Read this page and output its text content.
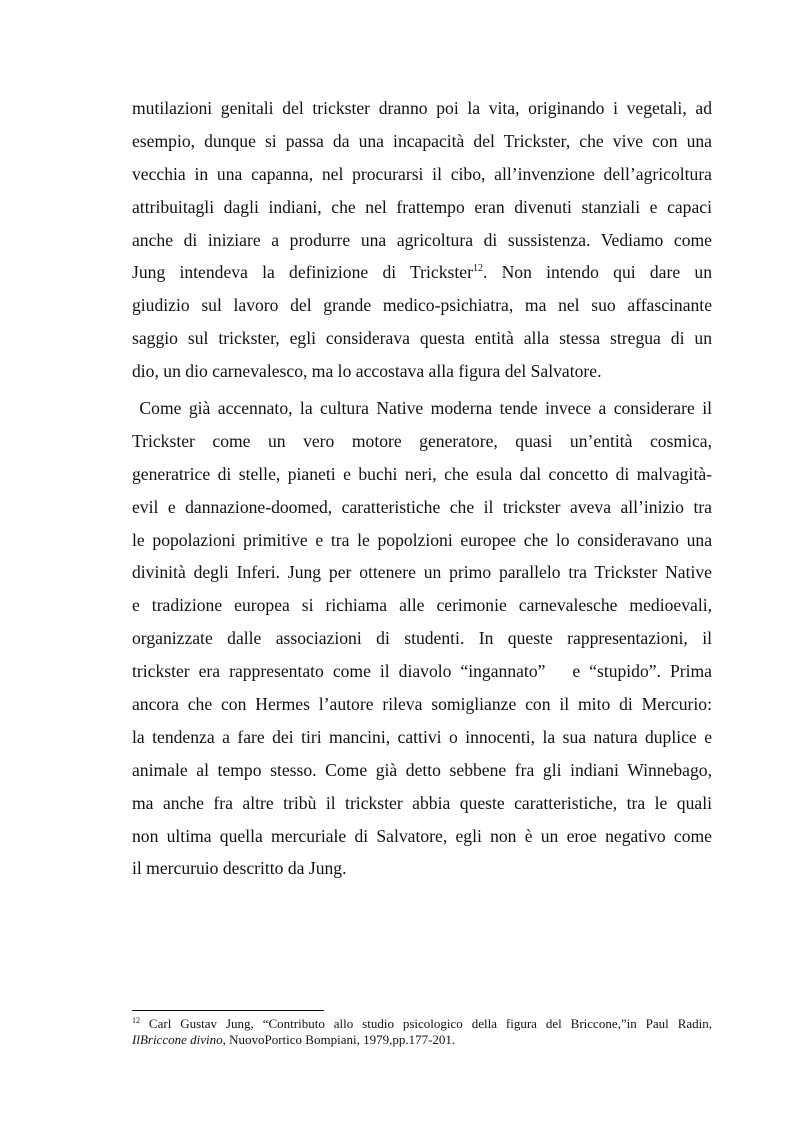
mutilazioni genitali del trickster dranno poi la vita, originando i vegetali, ad
esempio, dunque si passa da una incapacità del Trickster, che vive con una
vecchia in una capanna, nel procurarsi il cibo, all’invenzione dell’agricoltura
attribuitagli dagli indiani, che nel frattempo eran divenuti stanziali e capaci
anche di iniziare a produrre una agricoltura di sussistenza. Vediamo come
Jung intendeva la definizione di Trickster$^{12}$. Non intendo qui dare un
giudizio sul lavoro del grande medico-psichiatra, ma nel suo affascinante
saggio sul trickster, egli considerava questa entità alla stessa stregua di un
dio, un dio carnevalesco, ma lo accostava alla figura del Salvatore.
Come già accennato, la cultura Native moderna tende invece a considerare il
Trickster come un vero motore generatore, quasi un’entità cosmica,
generatrice di stelle, pianeti e buchi neri, che esula dal concetto di malvagità-
evil e dannazione-doomed, caratteristiche che il trickster aveva all’inizio tra
le popolazioni primitive e tra le popolzioni europee che lo consideravano una
divinità degli Inferi. Jung per ottenere un primo parallelo tra Trickster Native
e tradizione europea si richiama alle cerimonie carnevalesche medioevali,
organizzate dalle associazioni di studenti. In queste rappresentazioni, il
trickster era rappresentato come il diavolo “ingannato”   e “stupido”. Prima
ancora che con Hermes l’autore rileva somiglianze con il mito di Mercurio:
la tendenza a fare dei tiri mancini, cattivi o innocenti, la sua natura duplice e
animale al tempo stesso. Come già detto sebbene fra gli indiani Winnebago,
ma anche fra altre tribù il trickster abbia queste caratteristiche, tra le quali
non ultima quella mercuriale di Salvatore, egli non è un eroe negativo come
il mercuruio descritto da Jung.
$^{12}$ Carl Gustav Jung, “Contributo allo studio psicologico della figura del Briccone,”in Paul Radin,
IlBriccone divino, NuovoPortico Bompiani, 1979,pp.177-201.
